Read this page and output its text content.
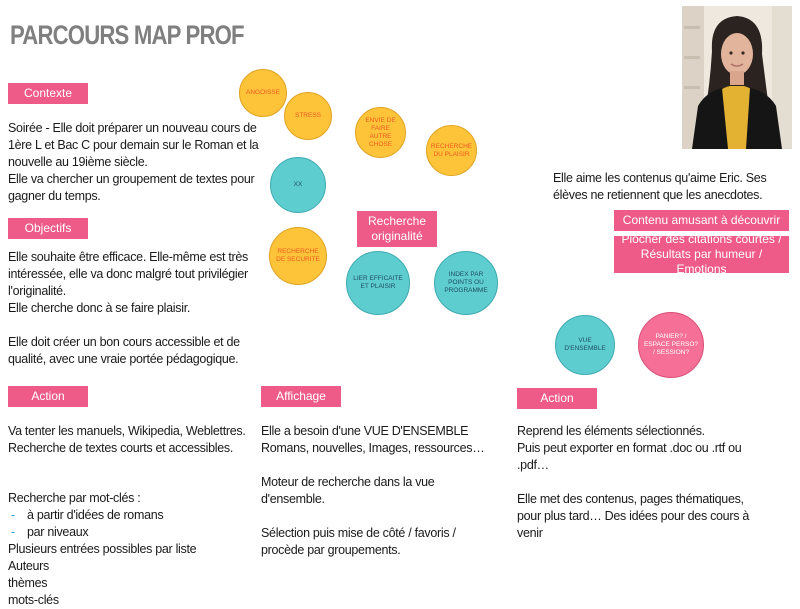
PARCOURS MAP PROF
Contexte
Soirée - Elle doit préparer un nouveau cours de 1ère L et Bac C pour demain sur le Roman et la nouvelle au 19ième siècle.
Elle va chercher un groupement de textes pour gagner du temps.
Objectifs
Elle souhaite être efficace. Elle-même est très intéressée, elle va donc malgré tout privilégier l'originalité.
Elle cherche donc à se faire plaisir.

Elle doit créer un bon cours accessible et de qualité, avec une vraie portée pédagogique.
Action
Va tenter les manuels, Wikipedia, Weblettres. Recherche de textes courts et accessibles.
Recherche par mot-clés :
- à partir d'idées de romans
- par niveaux
Plusieurs entrées possibles par liste
Auteurs
thèmes
mots-clés
Affichage
Elle a besoin d'une VUE D'ENSEMBLE Romans, nouvelles, Images, ressources…

Moteur de recherche dans la vue d'ensemble.

Sélection puis mise de côté / favoris / procède par groupements.
Action
Reprend les éléments sélectionnés.
Puis peut exporter en format .doc ou .rtf ou .pdf…

Elle met des contenus, pages thématiques, pour plus tard… Des idées pour des cours à venir
Elle aime les contenus qu'aime Eric. Ses élèves ne retiennent que les anecdotes.
Contenu amusant à découvrir
Piocher des citations courtes / Résultats par humeur / Emotions
Recherche originalité
ANGOISSE
STRESS
ENVIE DE FAIRE AUTRE CHOSE	RECHERCHE DU PLAISIR
XX
RECHERCHE DE SECURITE
LIER EFFICAITE ET PLAISIR
INDEX PAR POINTS OU PROGRAMME
VUE D'ENSEMBLE
PANIER? / ESPACE PERSO? / SESSION?
